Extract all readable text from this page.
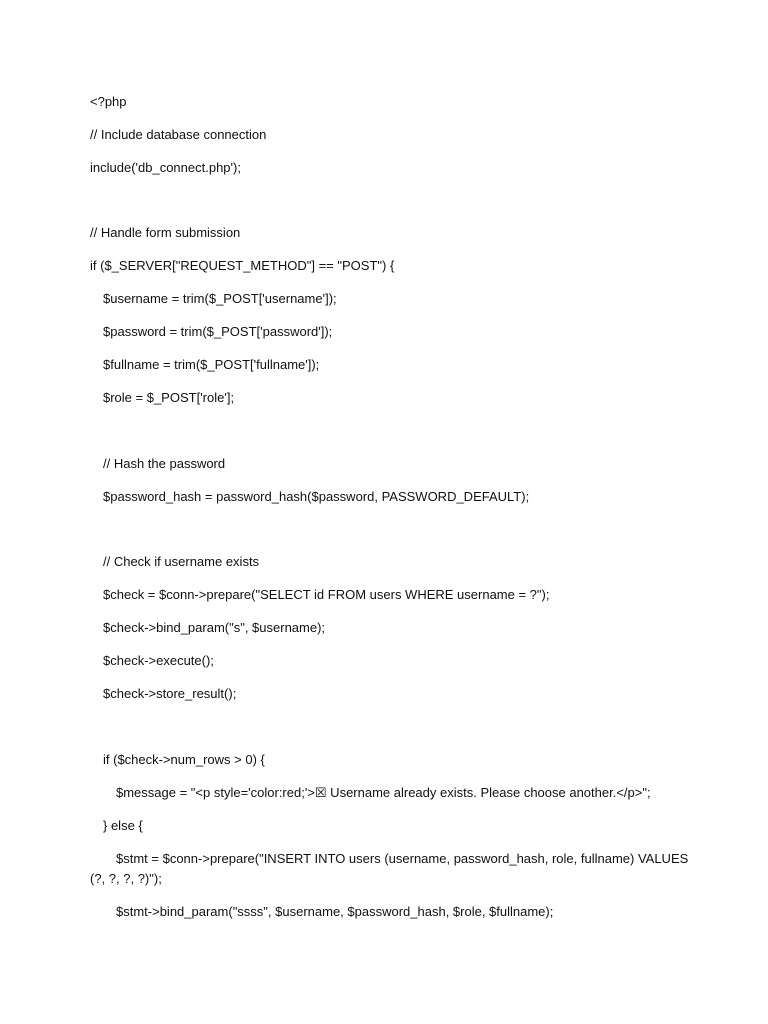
<?php
// Include database connection
include('db_connect.php');
// Handle form submission
if ($_SERVER["REQUEST_METHOD"] == "POST") {
$username = trim($_POST['username']);
$password = trim($_POST['password']);
$fullname = trim($_POST['fullname']);
$role = $_POST['role'];
// Hash the password
$password_hash = password_hash($password, PASSWORD_DEFAULT);
// Check if username exists
$check = $conn->prepare("SELECT id FROM users WHERE username = ?");
$check->bind_param("s", $username);
$check->execute();
$check->store_result();
if ($check->num_rows > 0) {
$message = "<p style='color:red;'>☒ Username already exists. Please choose another.</p>";
} else {
$stmt = $conn->prepare("INSERT INTO users (username, password_hash, role, fullname) VALUES (?, ?, ?, ?)");
$stmt->bind_param("ssss", $username, $password_hash, $role, $fullname);
